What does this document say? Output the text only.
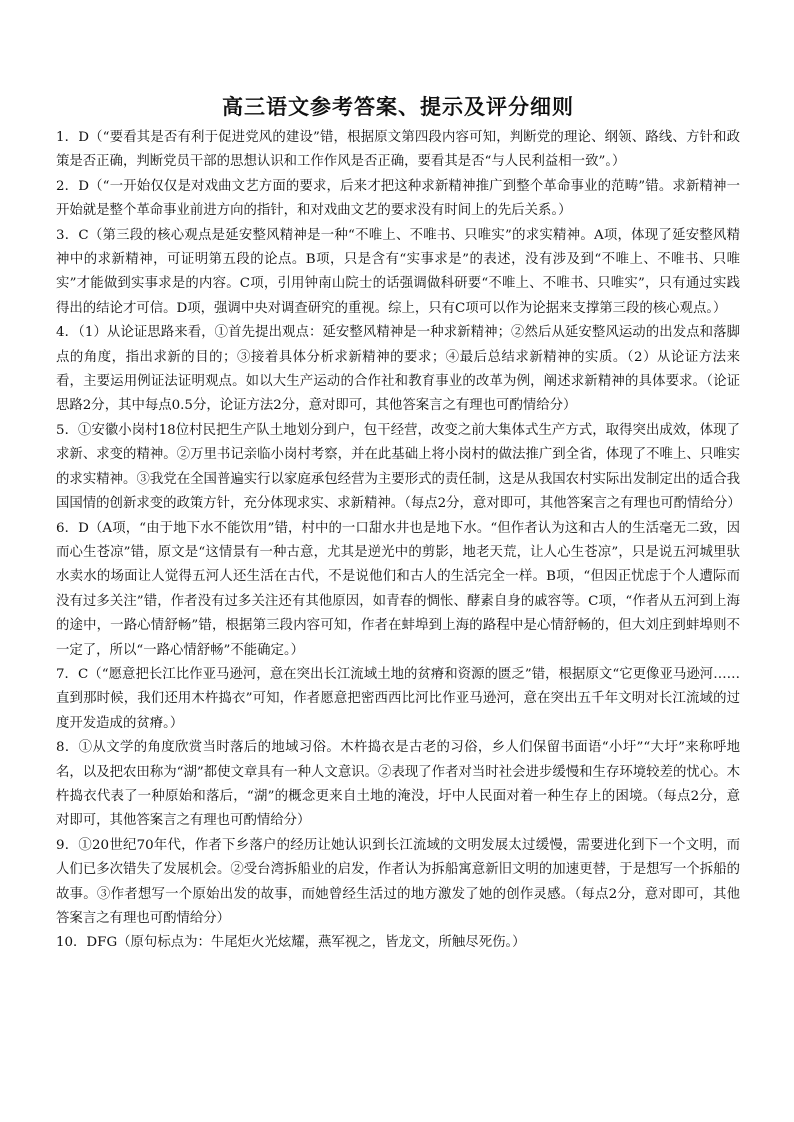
高三语文参考答案、提示及评分细则

1．D（“要看其是否有利于促进党风的建设”错，根据原文第四段内容可知，判断党的理论、纲领、路线、方针和政策是否正确，判断党员干部的思想认识和工作作风是否正确，要看其是否“与人民利益相一致”。）

2．D（“一开始仅仅是对戏曲文艺方面的要求，后来才把这种求新精神推广到整个革命事业的范畴”错。求新精神一开始就是整个革命事业前进方向的指针，和对戏曲文艺的要求没有时间上的先后关系。）

3．C（第三段的核心观点是延安整风精神是一种“不唯上、不唯书、只唯实”的求实精神。A项，体现了延安整风精神中的求新精神，可证明第五段的论点。B项，只是含有“实事求是”的表述，没有涉及到“不唯上、不唯书、只唯实”才能做到实事求是的内容。C项，引用钟南山院士的话强调做科研要“不唯上、不唯书、只唯实”，只有通过实践得出的结论才可信。D项，强调中央对调查研究的重视。综上，只有C项可以作为论据来支撑第三段的核心观点。）

4．（1）从论证思路来看，①首先提出观点：延安整风精神是一种求新精神；②然后从延安整风运动的出发点和落脚点的角度，指出求新的目的；③接着具体分析求新精神的要求；④最后总结求新精神的实质。（2）从论证方法来看，主要运用例证法证明观点。如以大生产运动的合作社和教育事业的改革为例，阐述求新精神的具体要求。（论证思路2分，其中每点0.5分，论证方法2分，意对即可，其他答案言之有理也可酌情给分）

5．①安徽小岗村18位村民把生产队土地划分到户，包干经营，改变之前大集体式生产方式，取得突出成效，体现了求新、求变的精神。②万里书记亲临小岗村考察，并在此基础上将小岗村的做法推广到全省，体现了不唯上、只唯实的求实精神。③我党在全国普遍实行以家庭承包经营为主要形式的责任制，这是从我国农村实际出发制定出的适合我国国情的创新求变的政策方针，充分体现求实、求新精神。（每点2分，意对即可，其他答案言之有理也可酌情给分）

6．D（A项，“由于地下水不能饮用”错，村中的一口甜水井也是地下水。“但作者认为这和古人的生活毫无二致，因而心生苍凉”错，原文是“这情景有一种古意，尤其是逆光中的剪影，地老天荒，让人心生苍凉”，只是说五河城里驮水卖水的场面让人觉得五河人还生活在古代，不是说他们和古人的生活完全一样。B项，“但因正忧虑于个人遭际而没有过多关注”错，作者没有过多关注还有其他原因，如青春的惆怅、酵素自身的戚容等。C项，“作者从五河到上海的途中，一路心情舒畅”错，根据第三段内容可知，作者在蚌埠到上海的路程中是心情舒畅的，但大刘庄到蚌埠则不一定了，所以“一路心情舒畅”不能确定。）

7．C（“愿意把长江比作亚马逊河，意在突出长江流域土地的贫瘠和资源的匮乏”错，根据原文“它更像亚马逊河……直到那时候，我们还用木杵捣衣”可知，作者愿意把密西西比河比作亚马逊河，意在突出五千年文明对长江流域的过度开发造成的贫瘠。）

8．①从文学的角度欣赏当时落后的地域习俗。木杵捣衣是古老的习俗，乡人们保留书面语“小圩”“大圩”来称呼地名，以及把农田称为“湖”都使文章具有一种人文意识。②表现了作者对当时社会进步缓慢和生存环境较差的忧心。木杵捣衣代表了一种原始和落后，“湖”的概念更来自土地的淹没，圩中人民面对着一种生存上的困境。（每点2分，意对即可，其他答案言之有理也可酌情给分）

9．①20世纪70年代，作者下乡落户的经历让她认识到长江流域的文明发展太过缓慢，需要进化到下一个文明，而人们已多次错失了发展机会。②受台湾拆船业的启发，作者认为拆船寓意新旧文明的加速更替，于是想写一个拆船的故事。③作者想写一个原始出发的故事，而她曾经生活过的地方激发了她的创作灵感。（每点2分，意对即可，其他答案言之有理也可酌情给分）

10．DFG（原句标点为：牛尾炬火光炫耀，燕军视之，皆龙文，所触尽死伤。）
